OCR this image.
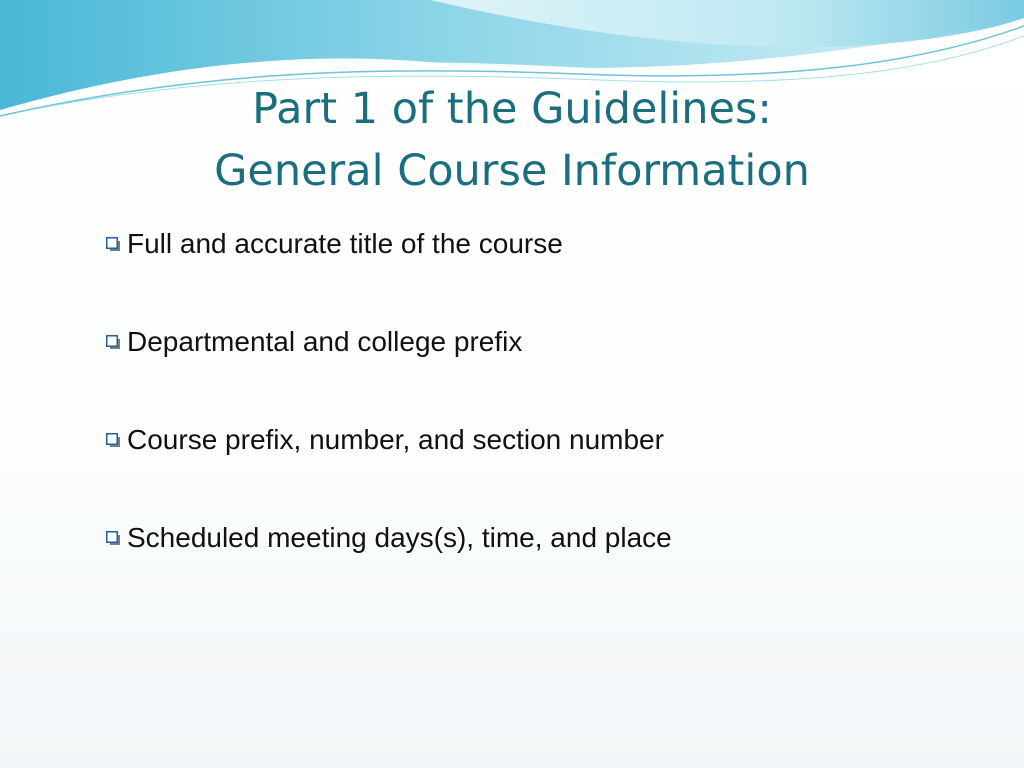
Part 1 of the Guidelines:
General Course Information
Full and accurate title of the course
Departmental and college prefix
Course prefix, number, and section number
Scheduled meeting days(s), time, and place
